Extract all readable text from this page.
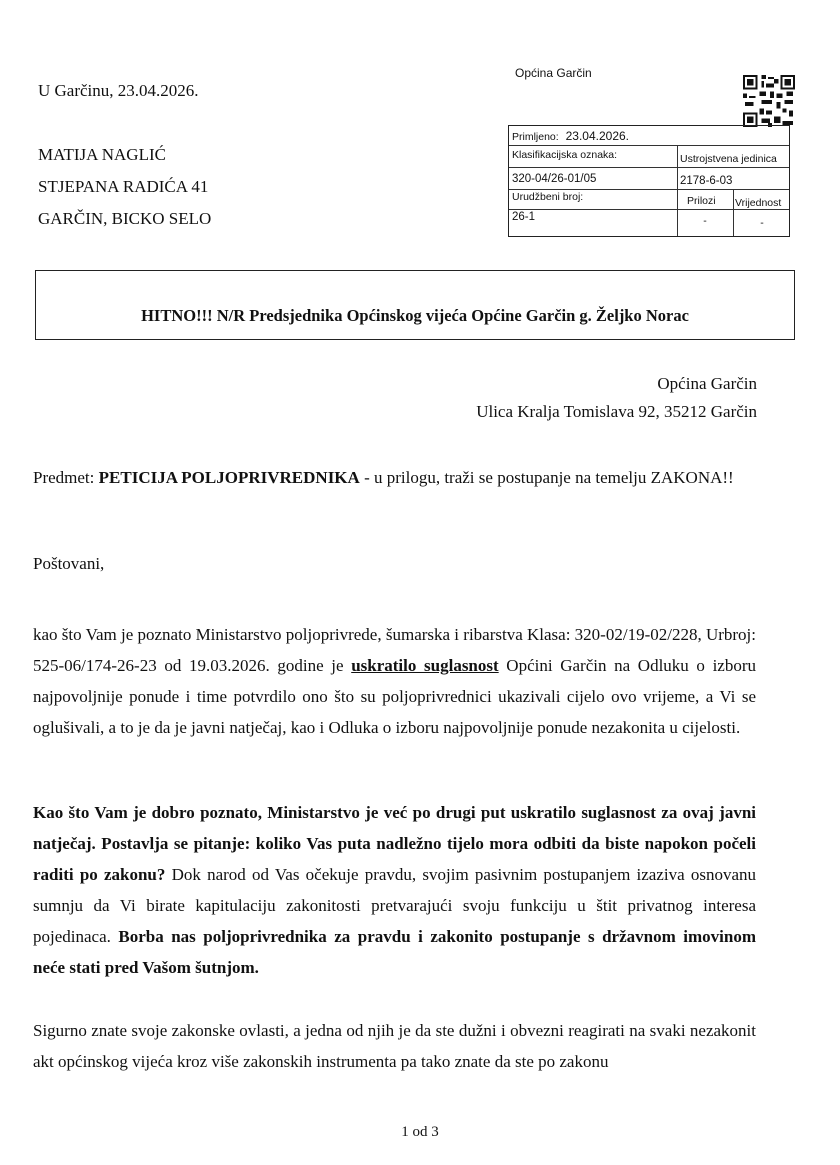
U Garčinu, 23.04.2026.
MATIJA NAGLIĆ
STJEPANA RADIĆA 41
GARČIN, BICKO SELO
Općina Garčin
Primljeno: 23.04.2026.
Klasifikacijska oznaka:	Ustrojstvena jedinica
320-04/26-01/05	2178-6-03
Urudžbeni broj:	Prilozi	Vrijednost
26-1	-	-
HITNO!!! N/R Predsjednika Općinskog vijeća Općine Garčin g. Željko Norac
Općina Garčin
Ulica Kralja Tomislava 92, 35212 Garčin
Predmet: PETICIJA POLJOPRIVREDNIKA - u prilogu, traži se postupanje na temelju ZAKONA!!
Poštovani,
kao što Vam je poznato Ministarstvo poljoprivrede, šumarska i ribarstva Klasa: 320-02/19-02/228, Urbroj: 525-06/174-26-23 od 19.03.2026. godine je uskratilo suglasnost Općini Garčin na Odluku o izboru najpovoljnije ponude i time potvrdilo ono što su poljoprivrednici ukazivali cijelo ovo vrijeme, a Vi se oglušivali, a to je da je javni natječaj, kao i Odluka o izboru najpovoljnije ponude nezakonita u cijelosti.
Kao što Vam je dobro poznato, Ministarstvo je već po drugi put uskratilo suglasnost za ovaj javni natječaj. Postavlja se pitanje: koliko Vas puta nadležno tijelo mora odbiti da biste napokon počeli raditi po zakonu? Dok narod od Vas očekuje pravdu, svojim pasivnim postupanjem izaziva osnovanu sumnju da Vi birate kapitulaciju zakonitosti pretvarajući svoju funkciju u štit privatnog interesa pojedinaca. Borba nas poljoprivrednika za pravdu i zakonito postupanje s državnom imovinom neće stati pred Vašom šutnjom.
Sigurno znate svoje zakonske ovlasti, a jedna od njih je da ste dužni i obvezni reagirati na svaki nezakonit akt općinskog vijeća kroz više zakonskih instrumenta pa tako znate da ste po zakonu
1 od 3
